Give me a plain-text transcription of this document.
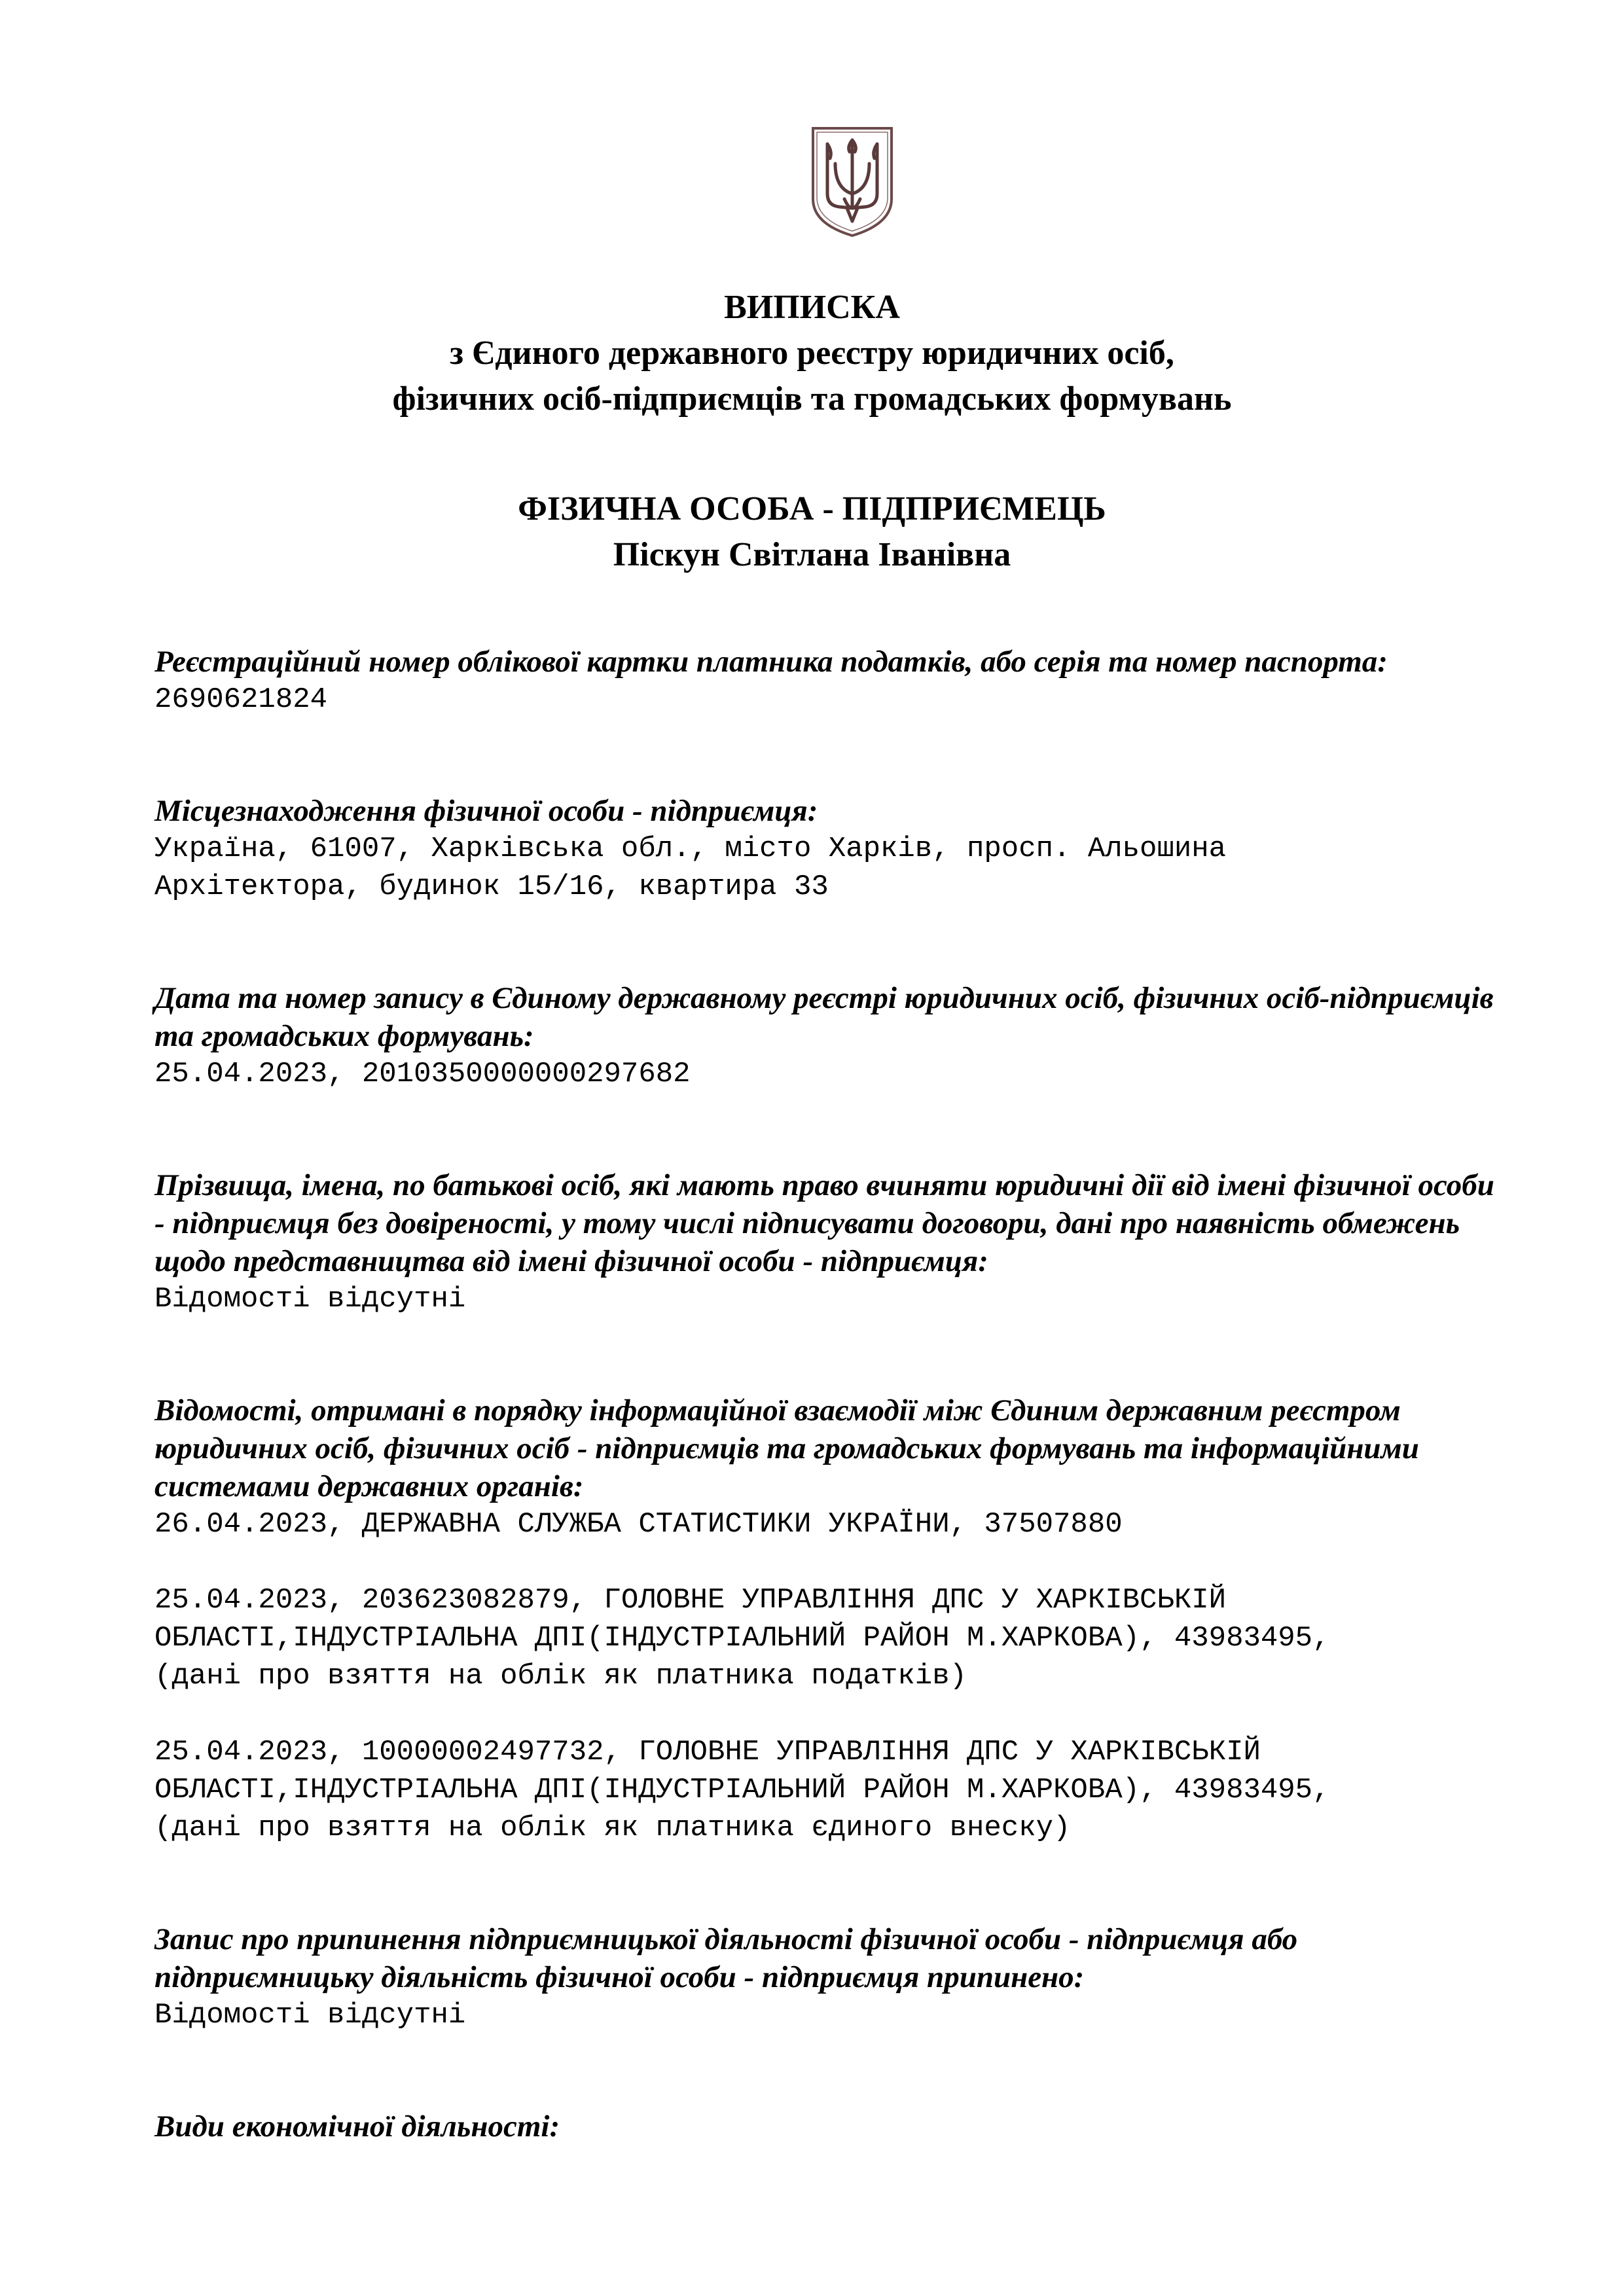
ВИПИСКА
з Єдиного державного реєстру юридичних осіб,
фізичних осіб-підприємців та громадських формувань
ФІЗИЧНА ОСОБА - ПІДПРИЄМЕЦЬ
Піскун Світлана Іванівна

Реєстраційний номер облікової картки платника податків, або серія та номер паспорта:

2690621824

Місцезнаходження фізичної особи - підприємця:

Україна, 61007, Харківська обл., місто Харків, просп. Альошина
Архітектора, будинок 15/16, квартира 33

Дата та номер запису в Єдиному державному реєстрі юридичних осіб, фізичних осіб-підприємців та громадських формувань:

25.04.2023, 2010350000000297682

Прізвища, імена, по батькові осіб, які мають право вчиняти юридичні дії від імені фізичної особи - підприємця без довіреності, у тому числі підписувати договори, дані про наявність обмежень щодо представництва від імені фізичної особи - підприємця:

Відомості відсутні

Відомості, отримані в порядку інформаційної взаємодії між Єдиним державним реєстром юридичних осіб, фізичних осіб - підприємців та громадських формувань та інформаційними системами державних органів:

26.04.2023, ДЕРЖАВНА СЛУЖБА СТАТИСТИКИ УКРАЇНИ, 37507880

25.04.2023, 203623082879, ГОЛОВНЕ УПРАВЛІННЯ ДПС У ХАРКІВСЬКІЙ
ОБЛАСТІ,ІНДУСТРІАЛЬНА ДПІ(ІНДУСТРІАЛЬНИЙ РАЙОН М.ХАРКОВА), 43983495,
(дані про взяття на облік як платника податків)

25.04.2023, 10000002497732, ГОЛОВНЕ УПРАВЛІННЯ ДПС У ХАРКІВСЬКІЙ
ОБЛАСТІ,ІНДУСТРІАЛЬНА ДПІ(ІНДУСТРІАЛЬНИЙ РАЙОН М.ХАРКОВА), 43983495,
(дані про взяття на облік як платника єдиного внеску)

Запис про припинення підприємницької діяльності фізичної особи - підприємця або підприємницьку діяльність фізичної особи - підприємця припинено:

Відомості відсутні

Види економічної діяльності:
